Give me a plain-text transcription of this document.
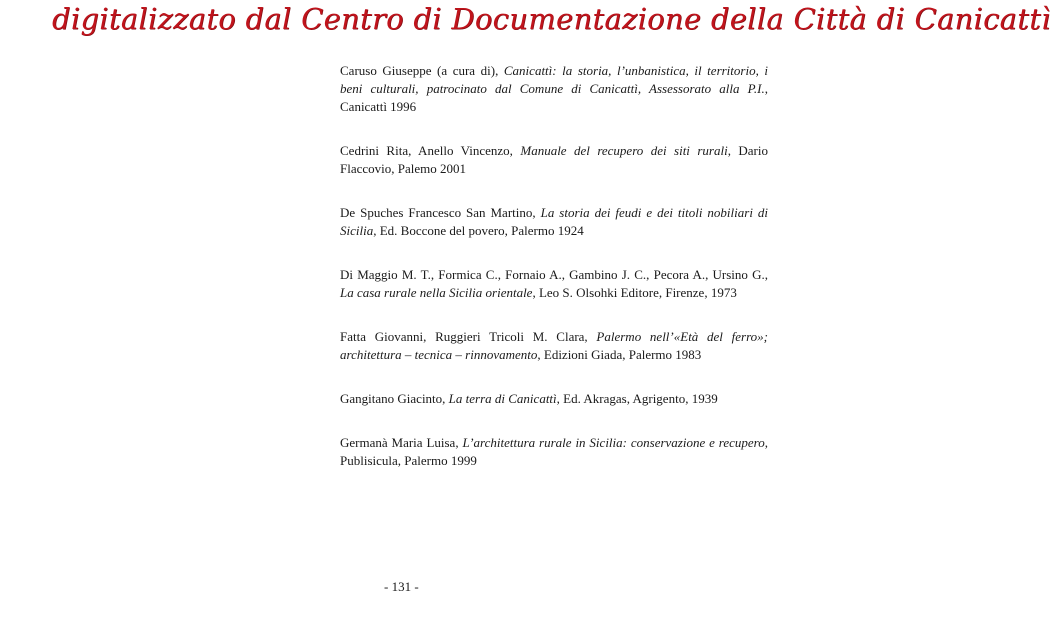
digitalizzato dal Centro di Documentazione della Città di Canicattì

Caruso Giuseppe (a cura di), Canicattì: la storia, l’unbanistica, il territorio, i beni culturali, patrocinato dal Comune di Canicattì, Assessorato alla P.I., Canicattì 1996

Cedrini Rita, Anello Vincenzo, Manuale del recupero dei siti rurali, Dario Flaccovio, Palemo 2001

De Spuches Francesco San Martino, La storia dei feudi e dei titoli nobiliari di Sicilia, Ed. Boccone del povero, Palermo 1924

Di Maggio M. T., Formica C., Fornaio A., Gambino J. C., Pecora A., Ursino G., La casa rurale nella Sicilia orientale, Leo S. Olsohki Editore, Firenze, 1973

Fatta Giovanni, Ruggieri Tricoli M. Clara, Palermo nell’«Età del ferro»; architettura – tecnica – rinnovamento, Edizioni Giada, Palermo 1983

Gangitano Giacinto, La terra di Canicattì, Ed. Akragas, Agrigento, 1939

Germanà Maria Luisa, L’architettura rurale in Sicilia: conservazione e recupero, Publisicula, Palermo 1999

- 131 -
